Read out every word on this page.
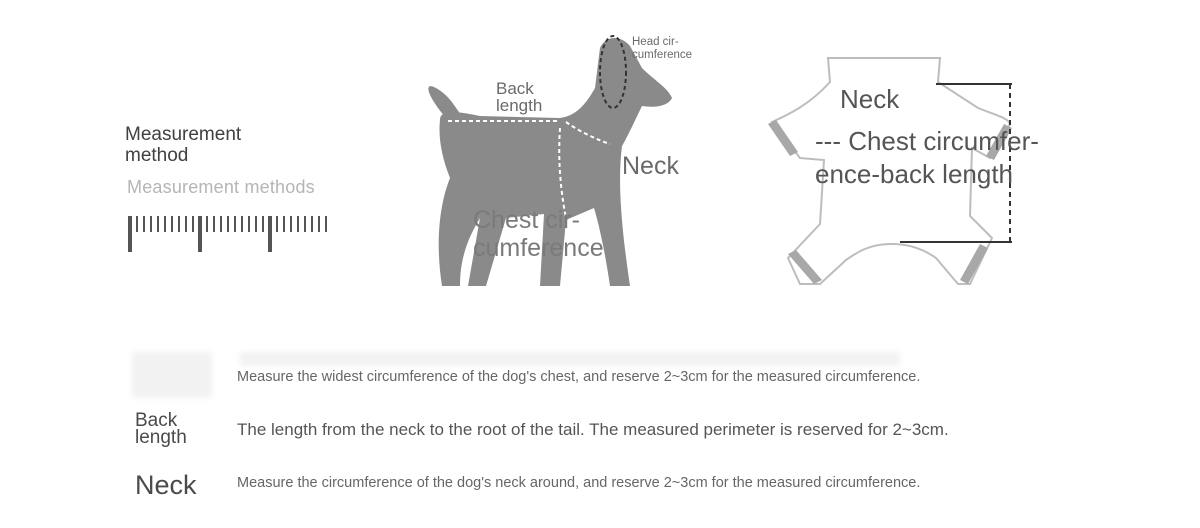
Measurement method
Measurement methods
Back length
Head cir-cumference
Neck
Chest cir-cumference
Neck
--- Chest circumfer-ence-back length
Back length
Neck
Measure the widest circumference of the dog's chest, and reserve 2~3cm for the measured circumference.
The length from the neck to the root of the tail. The measured perimeter is reserved for 2~3cm.
Measure the circumference of the dog's neck around, and reserve 2~3cm for the measured circumference.
